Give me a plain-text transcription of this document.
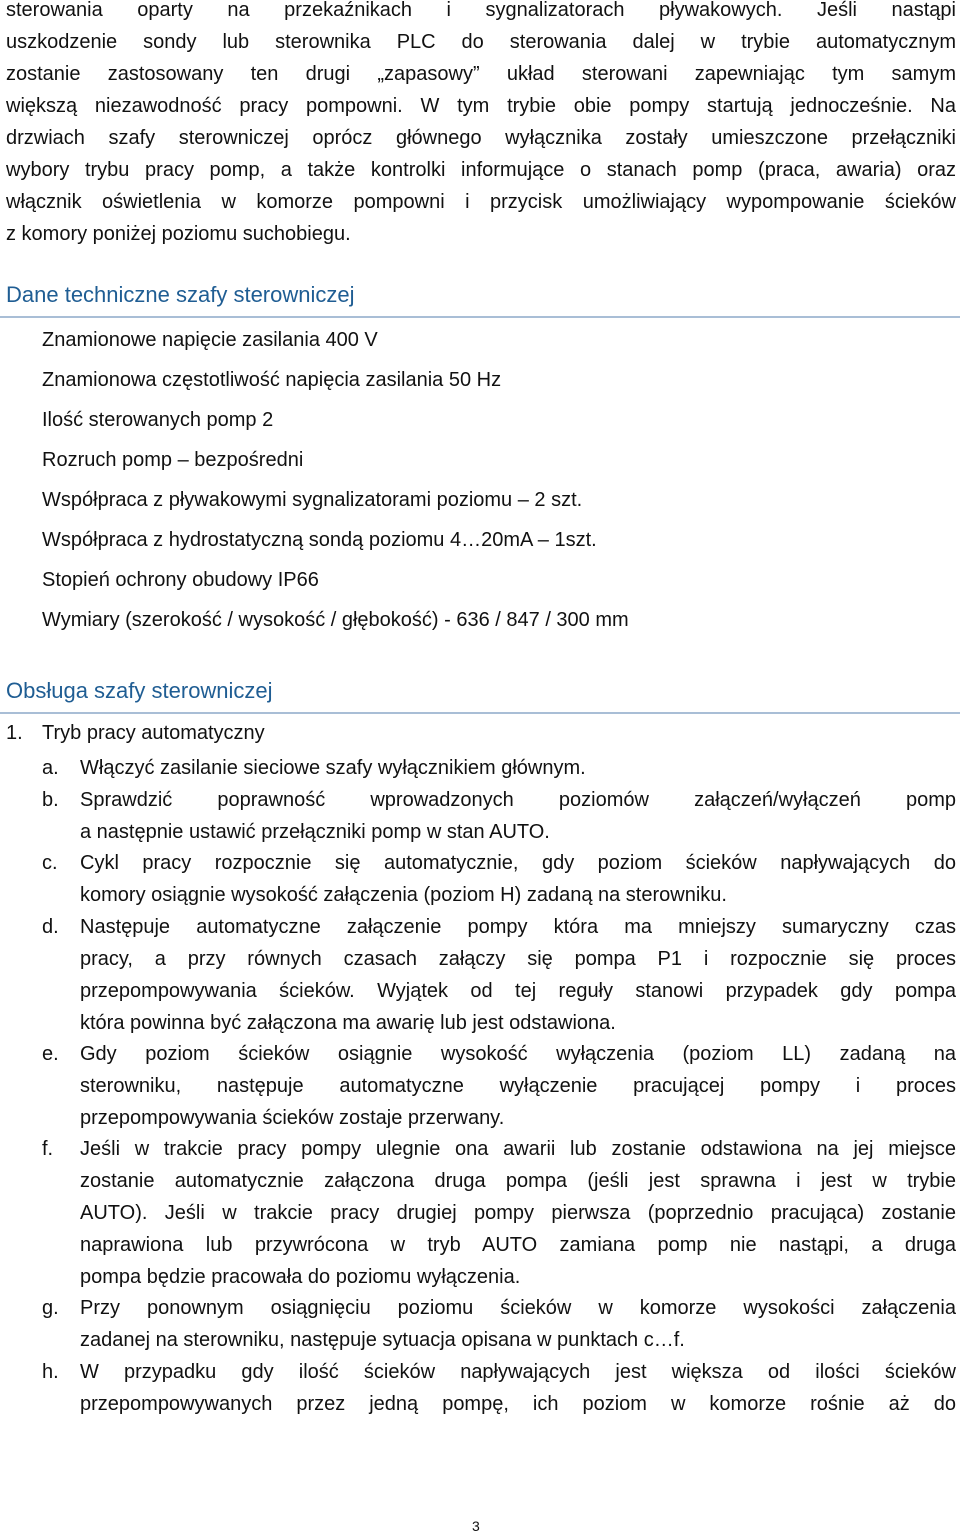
sterowania oparty na przekaźnikach i sygnalizatorach pływakowych. Jeśli nastąpi
uszkodzenie sondy lub sterownika PLC do sterowania dalej w trybie automatycznym
zostanie zastosowany ten drugi „zapasowy” układ sterowani zapewniając tym samym
większą niezawodność pracy pompowni. W tym trybie obie pompy startują jednocześnie. Na
drzwiach szafy sterowniczej oprócz głównego wyłącznika zostały umieszczone przełączniki
wybory trybu pracy pomp, a także kontrolki informujące o stanach pomp (praca, awaria) oraz
włącznik oświetlenia w komorze pompowni i przycisk umożliwiający wypompowanie ścieków
z komory poniżej poziomu suchobiegu.

Dane techniczne szafy sterowniczej
Znamionowe napięcie zasilania 400 V
Znamionowa częstotliwość napięcia zasilania 50 Hz
Ilość sterowanych pomp 2
Rozruch pomp – bezpośredni
Współpraca z pływakowymi sygnalizatorami poziomu – 2 szt.
Współpraca z hydrostatyczną sondą poziomu 4…20mA – 1szt.
Stopień ochrony obudowy IP66
Wymiary (szerokość / wysokość / głębokość) - 636 / 847 / 300 mm
Obsługa szafy sterowniczej
1. Tryb pracy automatyczny
a.	Włączyć zasilanie sieciowe szafy wyłącznikiem głównym.
b.	Sprawdzić poprawność wprowadzonych poziomów załączeń/wyłączeń pomp
a następnie ustawić przełączniki pomp w stan AUTO.
c.	Cykl pracy rozpocznie się automatycznie, gdy poziom ścieków napływających do
komory osiągnie wysokość załączenia (poziom H) zadaną na sterowniku.
d.	Następuje automatyczne załączenie pompy która ma mniejszy sumaryczny czas
pracy, a przy równych czasach załączy się pompa P1 i rozpocznie się proces
przepompowywania ścieków. Wyjątek od tej reguły stanowi przypadek gdy pompa
która powinna być załączona ma awarię lub jest odstawiona.
e.	Gdy poziom ścieków osiągnie wysokość wyłączenia (poziom LL) zadaną na
sterowniku, następuje automatyczne wyłączenie pracującej pompy i proces
przepompowywania ścieków zostaje przerwany.
f.	Jeśli w trakcie pracy pompy ulegnie ona awarii lub zostanie odstawiona na jej miejsce
zostanie automatycznie załączona druga pompa (jeśli jest sprawna i jest w trybie
AUTO). Jeśli w trakcie pracy drugiej pompy pierwsza (poprzednio pracująca) zostanie
naprawiona lub przywrócona w tryb AUTO zamiana pomp nie nastąpi, a druga
pompa będzie pracowała do poziomu wyłączenia.
g.	Przy ponownym osiągnięciu poziomu ścieków w komorze wysokości załączenia
zadanej na sterowniku, następuje sytuacja opisana w punktach c…f.
h.	W przypadku gdy ilość ścieków napływających jest większa od ilości ścieków
przepompowywanych przez jedną pompę, ich poziom w komorze rośnie aż do
3
